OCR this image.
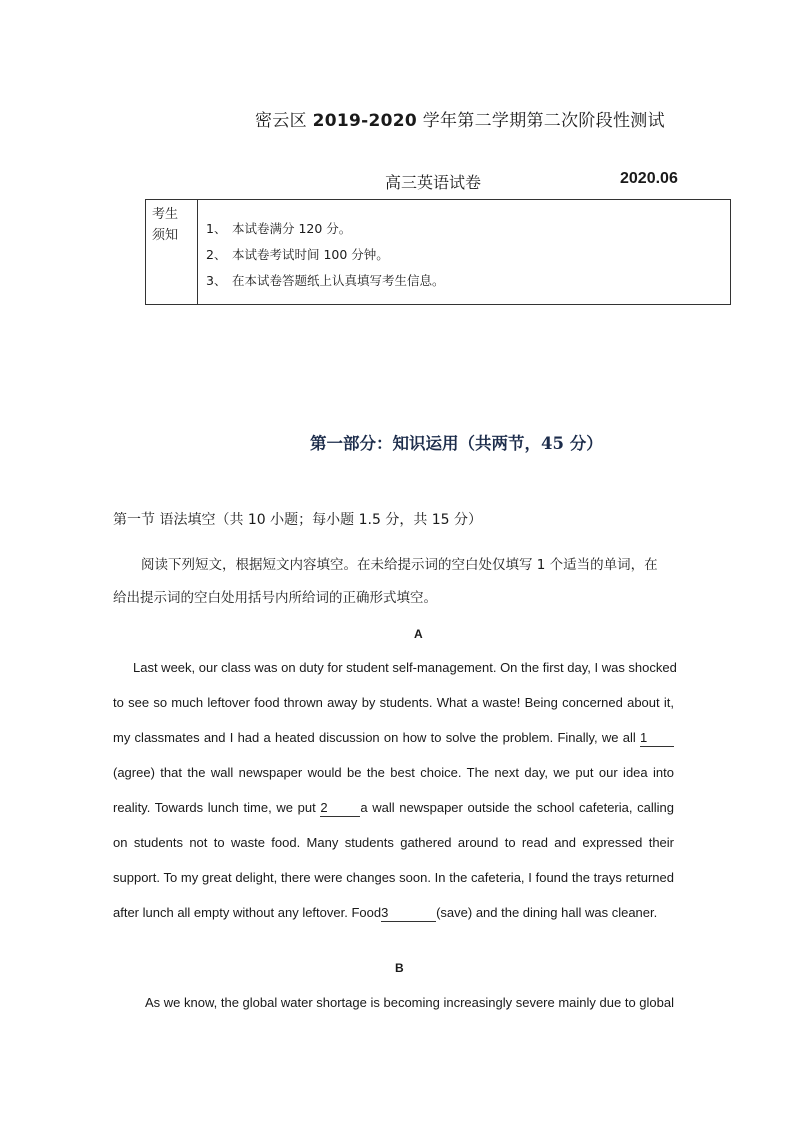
密云区 2019-2020 学年第二学期第二次阶段性测试
高三英语试卷	2020.06
考生
须知	1、 本试卷满分 120 分。
2、 本试卷考试时间 100 分钟。
3、 在本试卷答题纸上认真填写考生信息。
第一部分：知识运用（共两节，45 分）
第一节 语法填空（共 10 小题；每小题 1.5 分，共 15 分）
阅读下列短文，根据短文内容填空。在未给提示词的空白处仅填写 1 个适当的单词，在
给出提示词的空白处用括号内所给词的正确形式填空。
A
Last week, our class was on duty for student self-management. On the first day, I was shocked
to see so much leftover food thrown away by students. What a waste! Being concerned about it,
my classmates and I had a heated discussion on how to solve the problem. Finally, we all 1
(agree) that the wall newspaper would be the best choice. The next day, we put our idea into
reality. Towards lunch time, we put 2	a wall newspaper outside the school cafeteria, calling
on students not to waste food. Many students gathered around to read and expressed their
support. To my great delight, there were changes soon. In the cafeteria, I found the trays returned
after lunch all empty without any leftover. Food3	(save) and the dining hall was cleaner.
B
As we know, the global water shortage is becoming increasingly severe mainly due to global
